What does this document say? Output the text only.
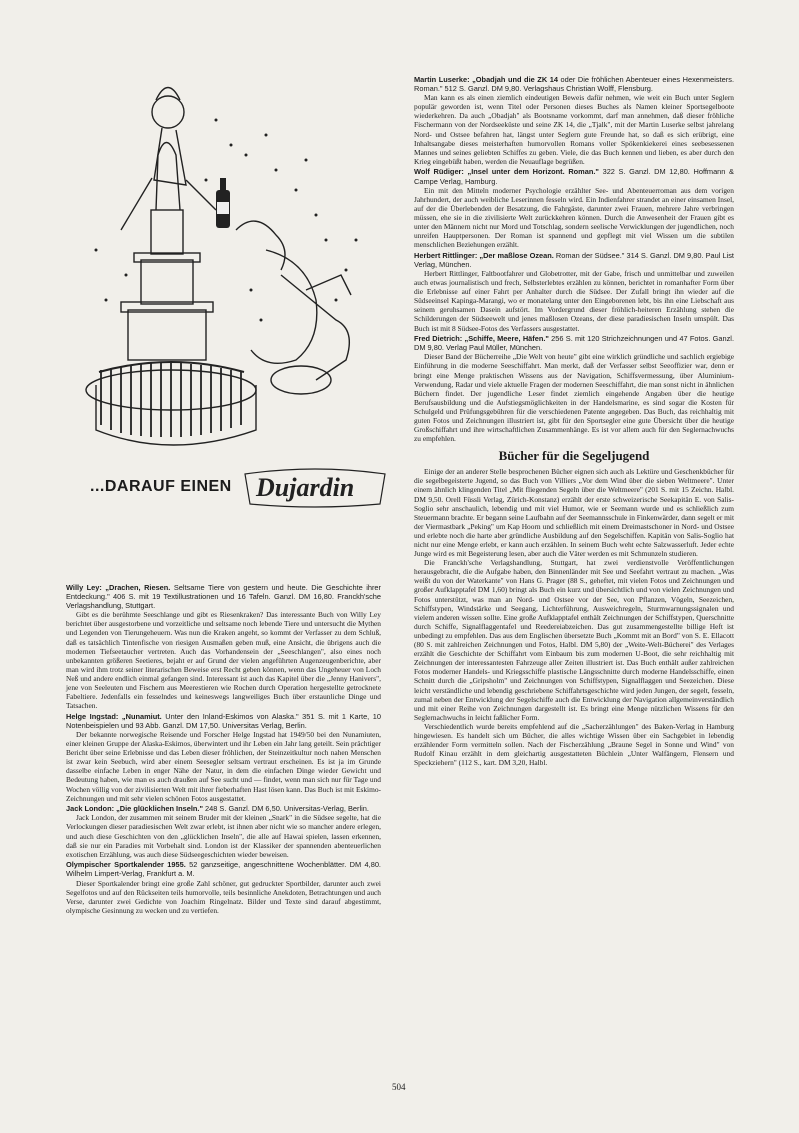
...DARAUF EINEN Dujardin
Willy Ley: „Drachen, Riesen. Seltsame Tiere von gestern und heute. Die Geschichte ihrer Entdeckung." 406 S. mit 19 Textillustrationen und 16 Tafeln. Ganzl. DM 16,80. Franckh'sche Verlagshandlung, Stuttgart.

Gibt es die berühmte Seeschlange und gibt es Riesenkraken? Das interessante Buch von Willy Ley berichtet über ausgestorbene und vorzeitliche und seltsame noch lebende Tiere und untersucht die Mythen und Legenden von Tierungeheuern. Was nun die Kraken angeht, so kommt der Verfasser zu dem Schluß, daß es tatsächlich Tintenfische von riesigen Ausmaßen geben muß, eine Ansicht, die übrigens auch die modernen Tiefseetaucher vertreten. Auch das Vorhandensein der „Seeschlangen", also eines noch unbekannten größeren Seetieres, bejaht er auf Grund der vielen angeführten Augenzeugenberichte, aber man wird ihm trotz seiner literarischen Beweise erst Recht geben können, wenn das Ungeheuer von Loch Neß und andere endlich einmal gefangen sind. Interessant ist auch das Kapitel über die „Jenny Hanivers", jene von Seeleuten und Fischern aus Meerestieren wie Rochen durch Operation hergestellte getrocknete Fabeltiere. Jedenfalls ein fesselndes und keineswegs langweiliges Buch über erstaunliche Dinge und Tatsachen.

Helge Ingstad: „Nunamiut. Unter den Inland-Eskimos von Alaska." 351 S. mit 1 Karte, 10 Notenbeispielen und 93 Abb. Ganzl. DM 17,50. Universitas Verlag, Berlin.

Der bekannte norwegische Reisende und Forscher Helge Ingstad hat 1949/50 bei den Nunamiuten, einer kleinen Gruppe der Alaska-Eskimos, überwintert und ihr Leben ein Jahr lang geteilt. Sein prächtiger Bericht über seine Erlebnisse und das Leben dieser fröhlichen, der Steinzeitkultur noch nahen Menschen ist zwar kein Seebuch, wird aber einem Seesegler seltsam vertraut erscheinen. Es ist ja im Grunde dasselbe einfache Leben in enger Nähe der Natur, in dem die einfachen Dinge wieder Gewicht und Bedeutung haben, wie man es auch draußen auf See sucht und — findet, wenn man sich nur für Tage und Wochen völlig von der zivilisierten Welt mit ihrer fieberhaften Hast lösen kann. Das Buch ist mit Eskimo-Zeichnungen und mit sehr vielen schönen Fotos ausgestattet.

Jack London: „Die glücklichen Inseln." 248 S. Ganzl. DM 6,50. Universitas-Verlag, Berlin.

Jack London, der zusammen mit seinem Bruder mit der kleinen „Snark" in die Südsee segelte, hat die Verlockungen dieser paradiesischen Welt zwar erlebt, ist ihnen aber nicht wie so mancher andere erlegen, und auch diese Geschichten von den „glücklichen Inseln", die alle auf Hawai spielen, lassen erkennen, daß sie nur ein Paradies mit Vorbehalt sind. London ist der Klassiker der spannenden abenteuerlichen exotischen Erzählung, was auch diese Südseegeschichten wieder beweisen.

Olympischer Sportkalender 1955. 52 ganzseitige, angeschnittene Wochenblätter. DM 4,80. Wilhelm Limpert-Verlag, Frankfurt a. M.

Dieser Sportkalender bringt eine große Zahl schöner, gut gedruckter Sportbilder, darunter auch zwei Segelfotos und auf den Rückseiten teils humorvolle, teils besinnliche Anekdoten, Betrachtungen und auch Verse, darunter zwei Gedichte von Joachim Ringelnatz. Bilder und Texte sind darauf abgestimmt, olympische Gesinnung zu wecken und zu vertiefen.

Martin Luserke: „Obadjah und die ZK 14 oder Die fröhlichen Abenteuer eines Hexenmeisters. Roman." 512 S. Ganzl. DM 9,80. Verlagshaus Christian Wolff, Flensburg.

Man kann es als einen ziemlich eindeutigen Beweis dafür nehmen, wie weit ein Buch unter Seglern populär geworden ist, wenn Titel oder Personen dieses Buches als Namen kleiner Sportsegelboote wiederkehren. Da auch „Obadjah" als Bootsname vorkommt, darf man annehmen, daß dieser fröhliche Fischermann von der Nordseeküste und seine ZK 14, die „Tjalk", mit der Martin Luserke selbst jahrelang Nord- und Ostsee befahren hat, längst unter Seglern gute Freunde hat, so daß es sich erübrigt, eine Inhaltsangabe dieses meisterhaften humorvollen Romans voller Spökenkiekerei eines seebesessenen Mannes und seines geliebten Schiffes zu geben. Viele, die das Buch kennen und lieben, es aber durch den Krieg eingebüßt haben, werden die Neuauflage begrüßen.

Wolf Rüdiger: „Insel unter dem Horizont. Roman." 322 S. Ganzl. DM 12,80. Hoffmann & Campe Verlag, Hamburg.

Ein mit den Mitteln moderner Psychologie erzählter See- und Abenteuerroman aus dem vorigen Jahrhundert, der auch weibliche Leserinnen fesseln wird. Ein Indienfahrer strandet an einer einsamen Insel, auf der die Überlebenden der Besatzung, die Fahrgäste, darunter zwei Frauen, mehrere Jahre verbringen müssen, ehe sie in die zivilisierte Welt zurückkehren können. Durch die Anwesenheit der Frauen gibt es unter den Männern nicht nur Mord und Totschlag, sondern seelische Verwicklungen der jugendlichen, noch unreifen Hauptpersonen. Der Roman ist spannend und gepflegt mit viel Wissen um die subtilen menschlichen Beziehungen erzählt.

Herbert Rittlinger: „Der maßlose Ozean. Roman der Südsee." 314 S. Ganzl. DM 9,80. Paul List Verlag, München.

Herbert Rittlinger, Faltbootfahrer und Globetrotter, mit der Gabe, frisch und unmittelbar und zuweilen auch etwas journalistisch und frech, Selbsterlebtes erzählen zu können, berichtet in romanhafter Form über die Erlebnisse auf einer Fahrt per Anhalter durch die Südsee. Der Zufall bringt ihn wieder auf die Südseeinsel Kapinga-Marangi, wo er monatelang unter den Eingeborenen lebt, bis ihn eine Liebschaft aus seinem geruhsamen Dasein aufstört. Im Vordergrund dieser fröhlich-heiteren Erzählung stehen die Schilderungen der Südseewelt und jenes maßlosen Ozeans, der diese paradiesischen Inseln umspült. Das Buch ist mit 8 Südsee-Fotos des Verfassers ausgestattet.

Fred Dietrich: „Schiffe, Meere, Häfen." 256 S. mit 120 Strichzeichnungen und 47 Fotos. Ganzl. DM 9,80. Verlag Paul Müller, München.

Dieser Band der Bücherreihe „Die Welt von heute" gibt eine wirklich gründliche und sachlich ergiebige Einführung in die moderne Seeschiffahrt. Man merkt, daß der Verfasser selbst Seeoffizier war, denn er bringt eine Menge praktischen Wissens aus der Navigation, Schiffsvermessung, über Aluminium-Verwendung, Radar und viele aktuelle Fragen der modernen Seeschiffahrt, die man sonst nicht in ähnlichen Büchern findet. Der jugendliche Leser findet ziemlich eingehende Angaben über die heutige Berufsausbildung und die Aufstiegsmöglichkeiten in der Handelsmarine, es sind sogar die Kosten für Schulgeld und Prüfungsgebühren für die verschiedenen Patente angegeben. Das Buch, das reichhaltig mit guten Fotos und Zeichnungen illustriert ist, gibt für den Sportsegler eine gute Übersicht über die heutige Großschiffahrt und ihre wirtschaftlichen Zusammenhänge. Es ist vor allem auch für den Seglernachwuchs zu empfehlen.

Bücher für die Segeljugend

Einige der an anderer Stelle besprochenen Bücher eignen sich auch als Lektüre und Geschenkbücher für die segelbegeisterte Jugend, so das Buch von Villiers „Vor dem Wind über die sieben Weltmeere". Unter einem ähnlich klingenden Titel „Mit fliegenden Segeln über die Weltmeere" (201 S. mit 15 Zeichn. Halbl. DM 9,50. Orell Füssli Verlag, Zürich-Konstanz) erzählt der erste schweizerische Seekapitän E. von Salis-Soglio sehr anschaulich, lebendig und mit viel Humor, wie er Seemann wurde und es schließlich zum Steuermann brachte. Er begann seine Laufbahn auf der Seemannsschule in Finkenwärder, dann segelt er mit der Viermastbark „Peking" um Kap Hoorn und schließlich mit einem Dreimastschoner in Nord- und Ostsee und erlebte noch die harte aber gründliche Ausbildung auf den Segelschiffen. Kapitän von Salis-Soglio hat nicht nur eine Menge erlebt, er kann auch erzählen. In seinem Buch weht echte Salzwasserluft. Jeder echte Junge wird es mit Begeisterung lesen, aber auch die Väter werden es mit Schmunzeln studieren.

Die Franckh'sche Verlagshandlung, Stuttgart, hat zwei verdienstvolle Veröffentlichungen herausgebracht, die die Aufgabe haben, den Binnenländer mit See und Seefahrt vertraut zu machen. „Was weißt du von der Waterkante" von Hans G. Prager (88 S., geheftet, mit vielen Fotos und Zeichnungen und großer Aufklapptafel DM 1,60) bringt als Buch ein kurz und übersichtlich und von vielen Zeichnungen und Fotos unterstützt, was man an Nord- und Ostsee vor der See, von Pflanzen, Vögeln, Seezeichen, Schiffstypen, Windstärke und Seegang, Lichterführung, Ausweichregeln, Sturmwarnungssignalen und vielem anderen wissen sollte. Eine große Aufklapptafel enthält Zeichnungen der Schiffstypen, Querschnitte durch Schiffe, Signalflaggentafel und Reedereiabzeichen. Das gut zusammengestellte billige Heft ist unbedingt zu empfehlen. Das aus dem Englischen übersetzte Buch „Kommt mit an Bord" von S. E. Ellacott (80 S. mit zahlreichen Zeichnungen und Fotos, Halbl. DM 5,80) der „Weite-Welt-Bücherei" des Verlages erzählt die Geschichte der Schiffahrt vom Einbaum bis zum modernen U-Boot, die sehr reichhaltig mit Zeichnungen der interessantesten Fahrzeuge aller Zeiten illustriert ist. Das Buch enthält außer zahlreichen Fotos moderner Handels- und Kriegsschiffe plastische Längsschnitte durch moderne Handelsschiffe, einen Schnitt durch die „Gripsholm" und Zeichnungen von Schiffstypen, Signalflaggen und Seezeichen. Diese leicht verständliche und lebendig geschriebene Schiffahrtsgeschichte wird jeden Jungen, der segelt, fesseln, zumal neben der Entwicklung der Segelschiffe auch die Entwicklung der Navigation allgemeinverständlich und mit einer Reihe von Zeichnungen dargestellt ist. Es bringt eine Menge nützlichen Wissens für den Seglernachwuchs in leicht faßlicher Form.

Verschiedentlich wurde bereits empfehlend auf die „Sacherzählungen" des Baken-Verlag in Hamburg hingewiesen. Es handelt sich um Bücher, die alles wichtige Wissen über ein Sachgebiet in lebendig erzählender Form vermitteln sollen. Nach der Fischerzählung „Braune Segel in Sonne und Wind" von Rudolf Kinau erzählt in dem gleichartig ausgestatteten Büchlein „Unter Walfängern, Flensern und Speckziehern" (112 S., kart. DM 3,20, Halbl.

504
